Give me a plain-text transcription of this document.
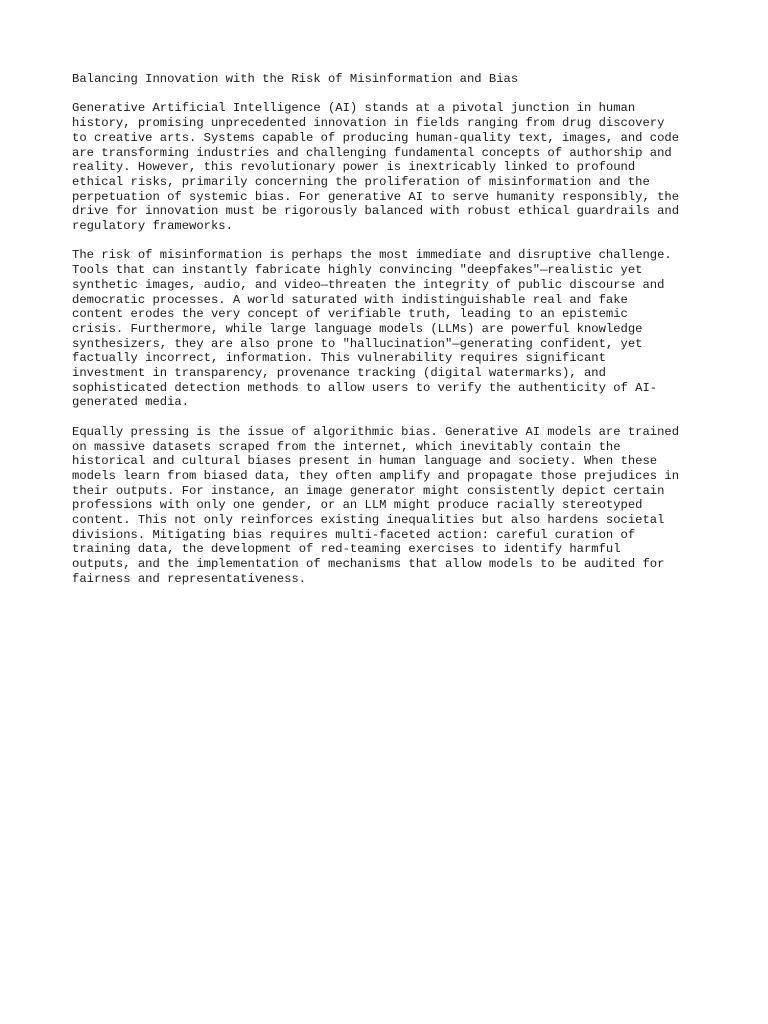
Balancing Innovation with the Risk of Misinformation and Bias
Generative Artificial Intelligence (AI) stands at a pivotal junction in human
history, promising unprecedented innovation in fields ranging from drug discovery
to creative arts. Systems capable of producing human-quality text, images, and code
are transforming industries and challenging fundamental concepts of authorship and
reality. However, this revolutionary power is inextricably linked to profound
ethical risks, primarily concerning the proliferation of misinformation and the
perpetuation of systemic bias. For generative AI to serve humanity responsibly, the
drive for innovation must be rigorously balanced with robust ethical guardrails and
regulatory frameworks.
The risk of misinformation is perhaps the most immediate and disruptive challenge.
Tools that can instantly fabricate highly convincing "deepfakes"—realistic yet
synthetic images, audio, and video—threaten the integrity of public discourse and
democratic processes. A world saturated with indistinguishable real and fake
content erodes the very concept of verifiable truth, leading to an epistemic
crisis. Furthermore, while large language models (LLMs) are powerful knowledge
synthesizers, they are also prone to "hallucination"—generating confident, yet
factually incorrect, information. This vulnerability requires significant
investment in transparency, provenance tracking (digital watermarks), and
sophisticated detection methods to allow users to verify the authenticity of AI-
generated media.
Equally pressing is the issue of algorithmic bias. Generative AI models are trained
on massive datasets scraped from the internet, which inevitably contain the
historical and cultural biases present in human language and society. When these
models learn from biased data, they often amplify and propagate those prejudices in
their outputs. For instance, an image generator might consistently depict certain
professions with only one gender, or an LLM might produce racially stereotyped
content. This not only reinforces existing inequalities but also hardens societal
divisions. Mitigating bias requires multi-faceted action: careful curation of
training data, the development of red-teaming exercises to identify harmful
outputs, and the implementation of mechanisms that allow models to be audited for
fairness and representativeness.
